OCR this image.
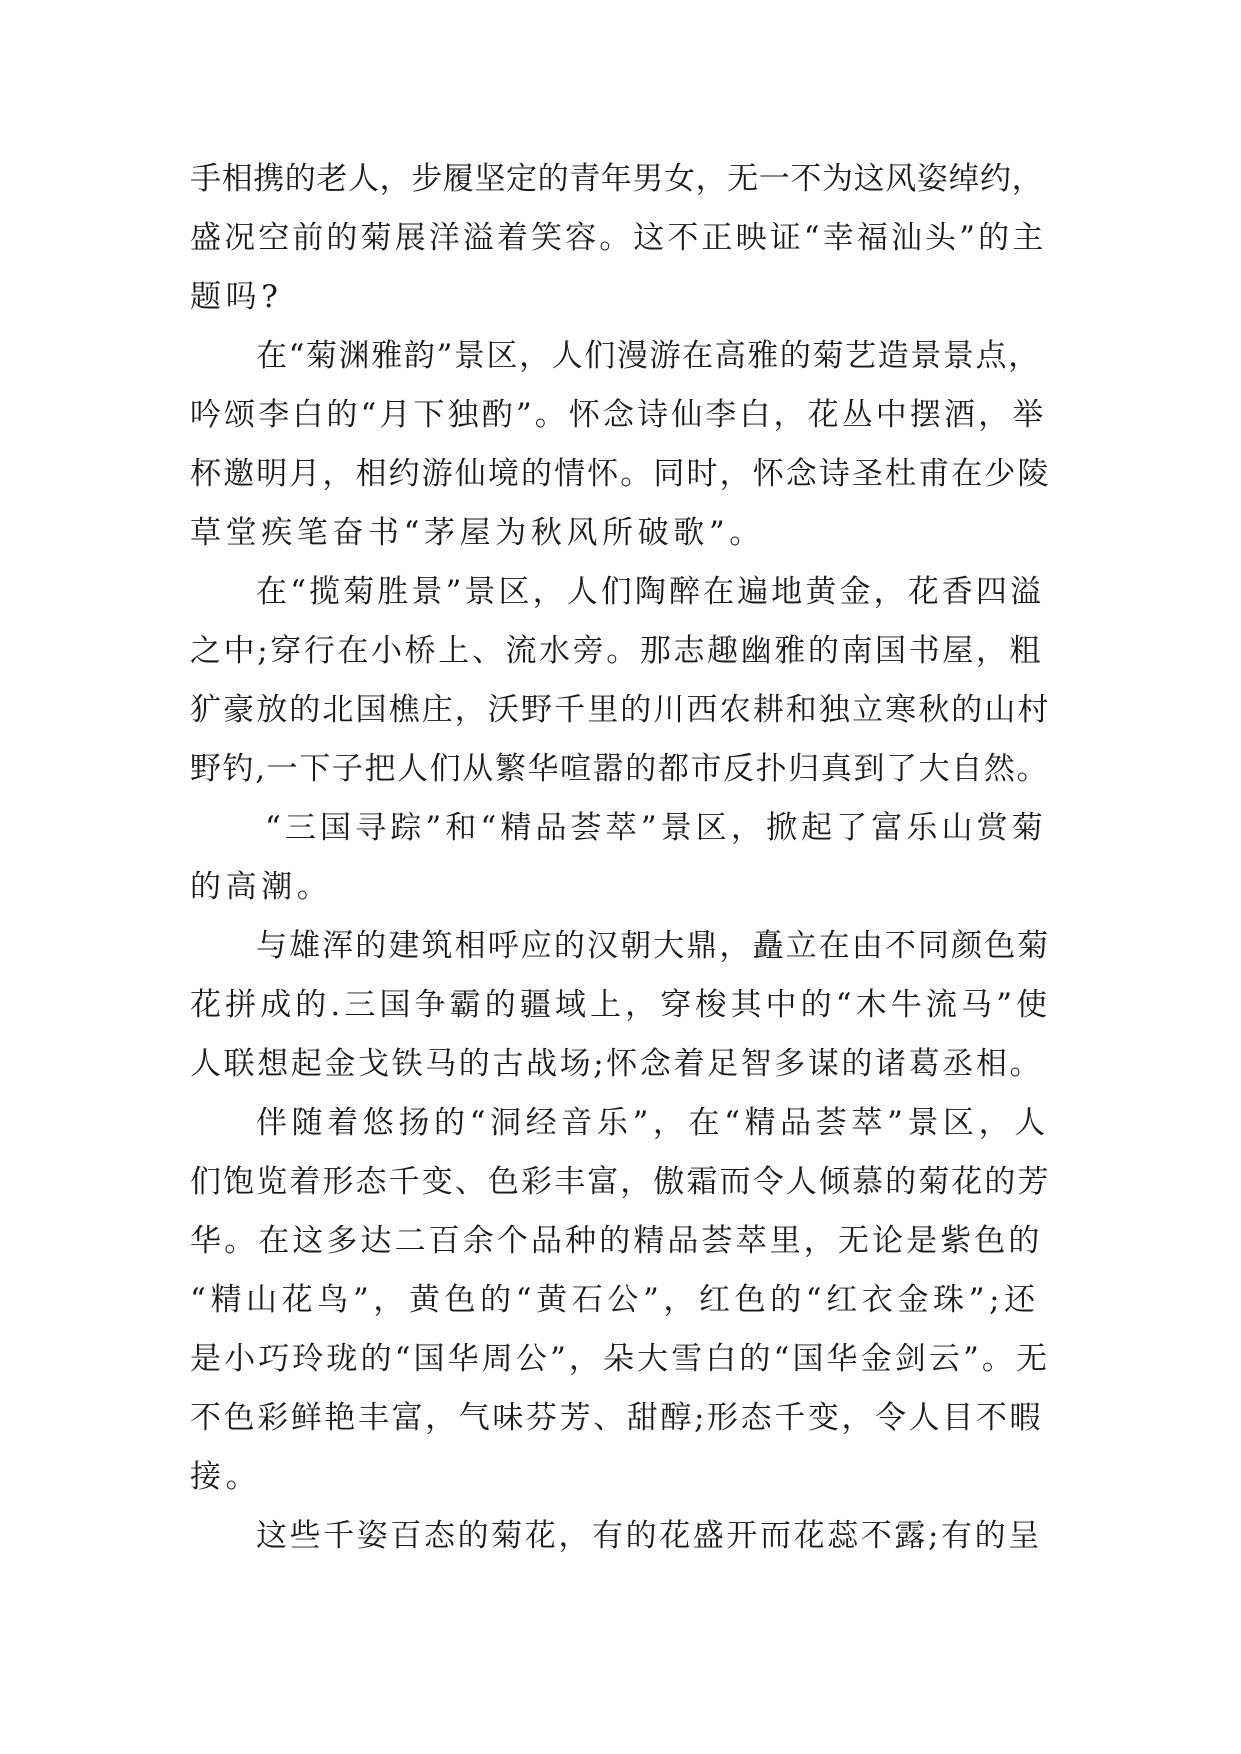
手相携的老人，步履坚定的青年男女，无一不为这风姿绰约，
盛况空前的菊展洋溢着笑容。这不正映证“幸福汕头”的主
题吗?
在“菊渊雅韵”景区，人们漫游在高雅的菊艺造景景点，
吟颂李白的“月下独酌”。怀念诗仙李白，花丛中摆酒，举
杯邀明月，相约游仙境的情怀。同时，怀念诗圣杜甫在少陵
草堂疾笔奋书“茅屋为秋风所破歌”。
在“揽菊胜景”景区，人们陶醉在遍地黄金，花香四溢
之中;穿行在小桥上、流水旁。那志趣幽雅的南国书屋，粗
犷豪放的北国樵庄，沃野千里的川西农耕和独立寒秋的山村
野钓,一下子把人们从繁华喧嚣的都市反扑归真到了大自然。
“三国寻踪”和“精品荟萃”景区，掀起了富乐山赏菊
的高潮。
与雄浑的建筑相呼应的汉朝大鼎，矗立在由不同颜色菊
花拼成的.三国争霸的疆域上，穿梭其中的“木牛流马”使
人联想起金戈铁马的古战场;怀念着足智多谋的诸葛丞相。
伴随着悠扬的“洞经音乐”，在“精品荟萃”景区，人
们饱览着形态千变、色彩丰富，傲霜而令人倾慕的菊花的芳
华。在这多达二百余个品种的精品荟萃里，无论是紫色的
“精山花鸟”，黄色的“黄石公”，红色的“红衣金珠”;还
是小巧玲珑的“国华周公”，朵大雪白的“国华金剑云”。无
不色彩鲜艳丰富，气味芬芳、甜醇;形态千变，令人目不暇
接。
这些千姿百态的菊花，有的花盛开而花蕊不露;有的呈
